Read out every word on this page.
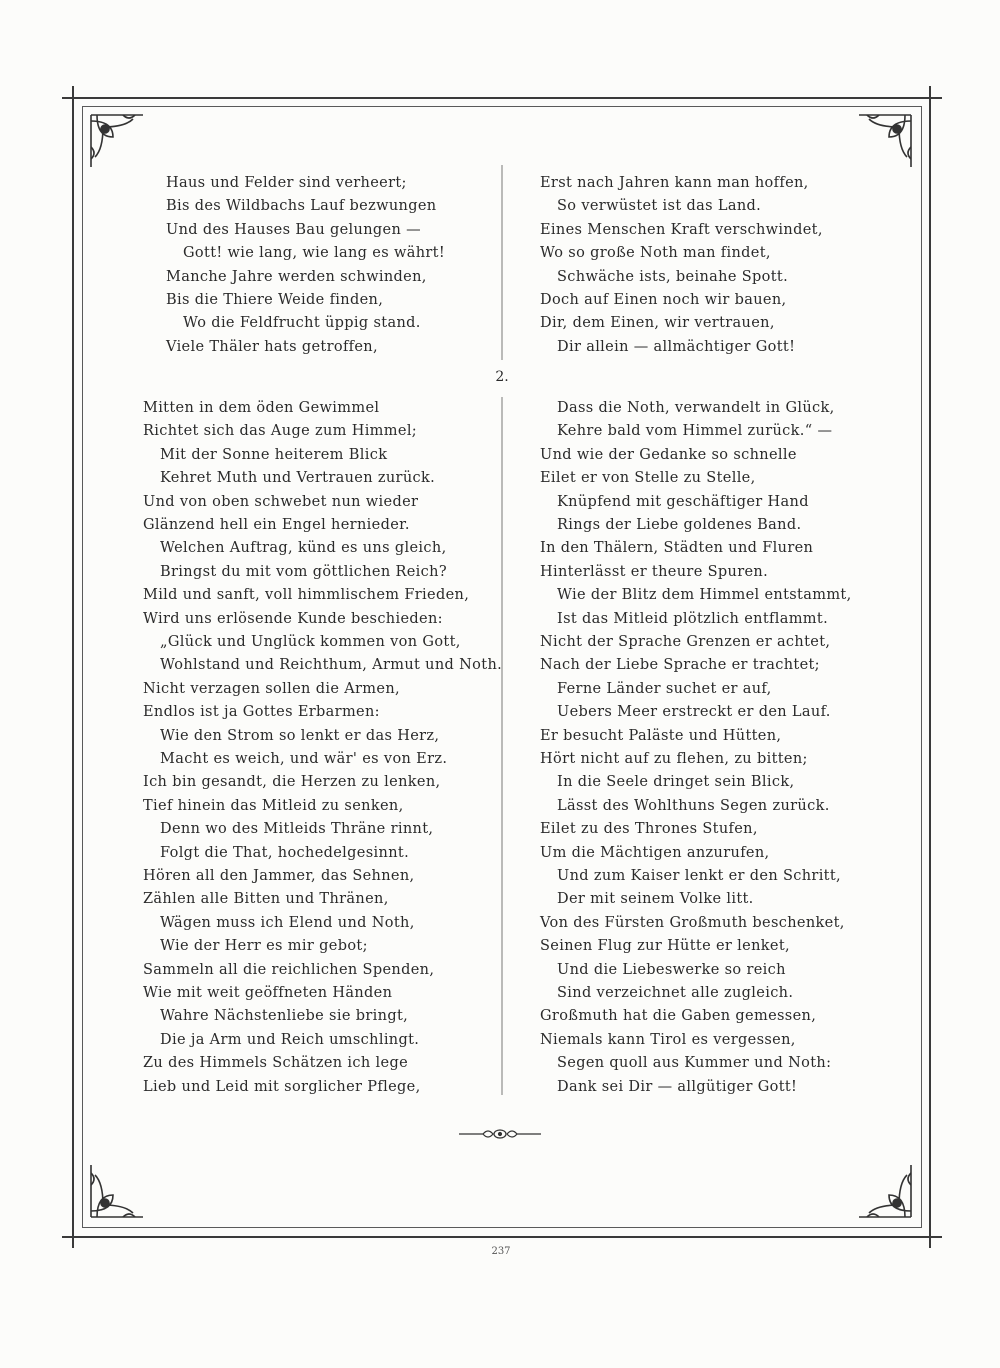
Haus und Felder sind verheert;
Bis des Wildbachs Lauf bezwungen
Und des Hauses Bau gelungen —
Gott! wie lang, wie lang es währt!
Manche Jahre werden schwinden,
Bis die Thiere Weide finden,
Wo die Feldfrucht üppig stand.
Viele Thäler hats getroffen,
Erst nach Jahren kann man hoffen,
So verwüstet ist das Land.
Eines Menschen Kraft verschwindet,
Wo so große Noth man findet,
Schwäche ists, beinahe Spott.
Doch auf Einen noch wir bauen,
Dir, dem Einen, wir vertrauen,
Dir allein — allmächtiger Gott!
2.
Mitten in dem öden Gewimmel
Richtet sich das Auge zum Himmel;
Mit der Sonne heiterem Blick
Kehret Muth und Vertrauen zurück.
Und von oben schwebet nun wieder
Glänzend hell ein Engel hernieder.
Welchen Auftrag, künd es uns gleich,
Bringst du mit vom göttlichen Reich?
Mild und sanft, voll himmlischem Frieden,
Wird uns erlösende Kunde beschieden:
„Glück und Unglück kommen von Gott,
Wohlstand und Reichthum, Armut und Noth.
Nicht verzagen sollen die Armen,
Endlos ist ja Gottes Erbarmen:
Wie den Strom so lenkt er das Herz,
Macht es weich, und wär' es von Erz.
Ich bin gesandt, die Herzen zu lenken,
Tief hinein das Mitleid zu senken,
Denn wo des Mitleids Thräne rinnt,
Folgt die That, hochedelgesinnt.
Hören all den Jammer, das Sehnen,
Zählen alle Bitten und Thränen,
Wägen muss ich Elend und Noth,
Wie der Herr es mir gebot;
Sammeln all die reichlichen Spenden,
Wie mit weit geöffneten Händen
Wahre Nächstenliebe sie bringt,
Die ja Arm und Reich umschlingt.
Zu des Himmels Schätzen ich lege
Lieb und Leid mit sorglicher Pflege,
Dass die Noth, verwandelt in Glück,
Kehre bald vom Himmel zurück.“ —
Und wie der Gedanke so schnelle
Eilet er von Stelle zu Stelle,
Knüpfend mit geschäftiger Hand
Rings der Liebe goldenes Band.
In den Thälern, Städten und Fluren
Hinterlässt er theure Spuren.
Wie der Blitz dem Himmel entstammt,
Ist das Mitleid plötzlich entflammt.
Nicht der Sprache Grenzen er achtet,
Nach der Liebe Sprache er trachtet;
Ferne Länder suchet er auf,
Uebers Meer erstreckt er den Lauf.
Er besucht Paläste und Hütten,
Hört nicht auf zu flehen, zu bitten;
In die Seele dringet sein Blick,
Lässt des Wohlthuns Segen zurück.
Eilet zu des Thrones Stufen,
Um die Mächtigen anzurufen,
Und zum Kaiser lenkt er den Schritt,
Der mit seinem Volke litt.
Von des Fürsten Großmuth beschenket,
Seinen Flug zur Hütte er lenket,
Und die Liebeswerke so reich
Sind verzeichnet alle zugleich.
Großmuth hat die Gaben gemessen,
Niemals kann Tirol es vergessen,
Segen quoll aus Kummer und Noth:
Dank sei Dir — allgütiger Gott!
237
